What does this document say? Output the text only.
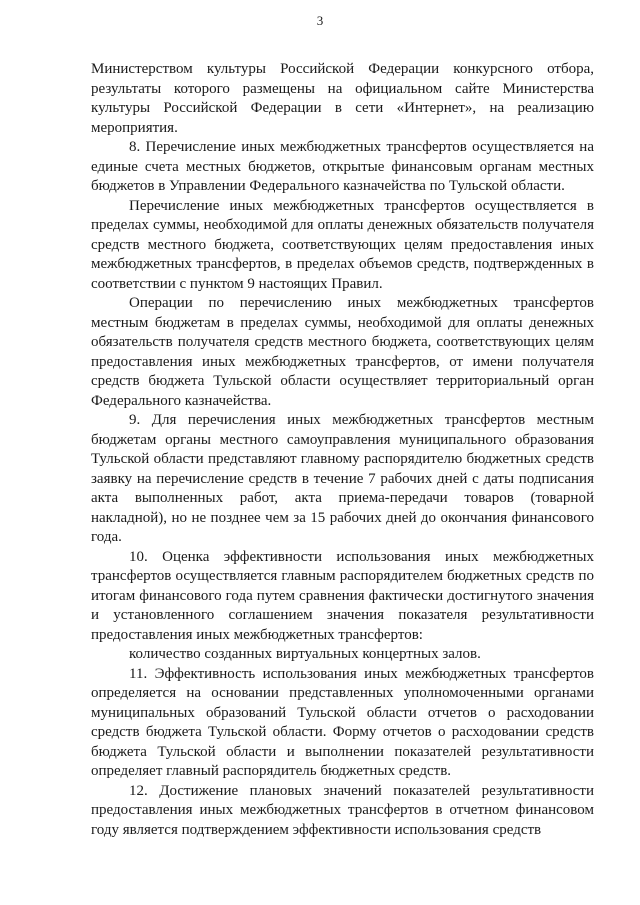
3

Министерством культуры Российской Федерации конкурсного отбора, результаты которого размещены на официальном сайте Министерства культуры Российской Федерации в сети «Интернет», на реализацию мероприятия.

8. Перечисление иных межбюджетных трансфертов осуществляется на единые счета местных бюджетов, открытые финансовым органам местных бюджетов в Управлении Федерального казначейства по Тульской области.

Перечисление иных межбюджетных трансфертов осуществляется в пределах суммы, необходимой для оплаты денежных обязательств получателя средств местного бюджета, соответствующих целям предоставления иных межбюджетных трансфертов, в пределах объемов средств, подтвержденных в соответствии с пунктом 9 настоящих Правил.

Операции по перечислению иных межбюджетных трансфертов местным бюджетам в пределах суммы, необходимой для оплаты денежных обязательств получателя средств местного бюджета, соответствующих целям предоставления иных межбюджетных трансфертов, от имени получателя средств бюджета Тульской области осуществляет территориальный орган Федерального казначейства.

9. Для перечисления иных межбюджетных трансфертов местным бюджетам органы местного самоуправления муниципального образования Тульской области представляют главному распорядителю бюджетных средств заявку на перечисление средств в течение 7 рабочих дней с даты подписания акта выполненных работ, акта приема-передачи товаров (товарной накладной), но не позднее чем за 15 рабочих дней до окончания финансового года.

10. Оценка эффективности использования иных межбюджетных трансфертов осуществляется главным распорядителем бюджетных средств по итогам финансового года путем сравнения фактически достигнутого значения и установленного соглашением значения показателя результативности предоставления иных межбюджетных трансфертов:

количество созданных виртуальных концертных залов.

11. Эффективность использования иных межбюджетных трансфертов определяется на основании представленных уполномоченными органами муниципальных образований Тульской области отчетов о расходовании средств бюджета Тульской области. Форму отчетов о расходовании средств бюджета Тульской области и выполнении показателей результативности определяет главный распорядитель бюджетных средств.

12. Достижение плановых значений показателей результативности предоставления иных межбюджетных трансфертов в отчетном финансовом году является подтверждением эффективности использования средств
